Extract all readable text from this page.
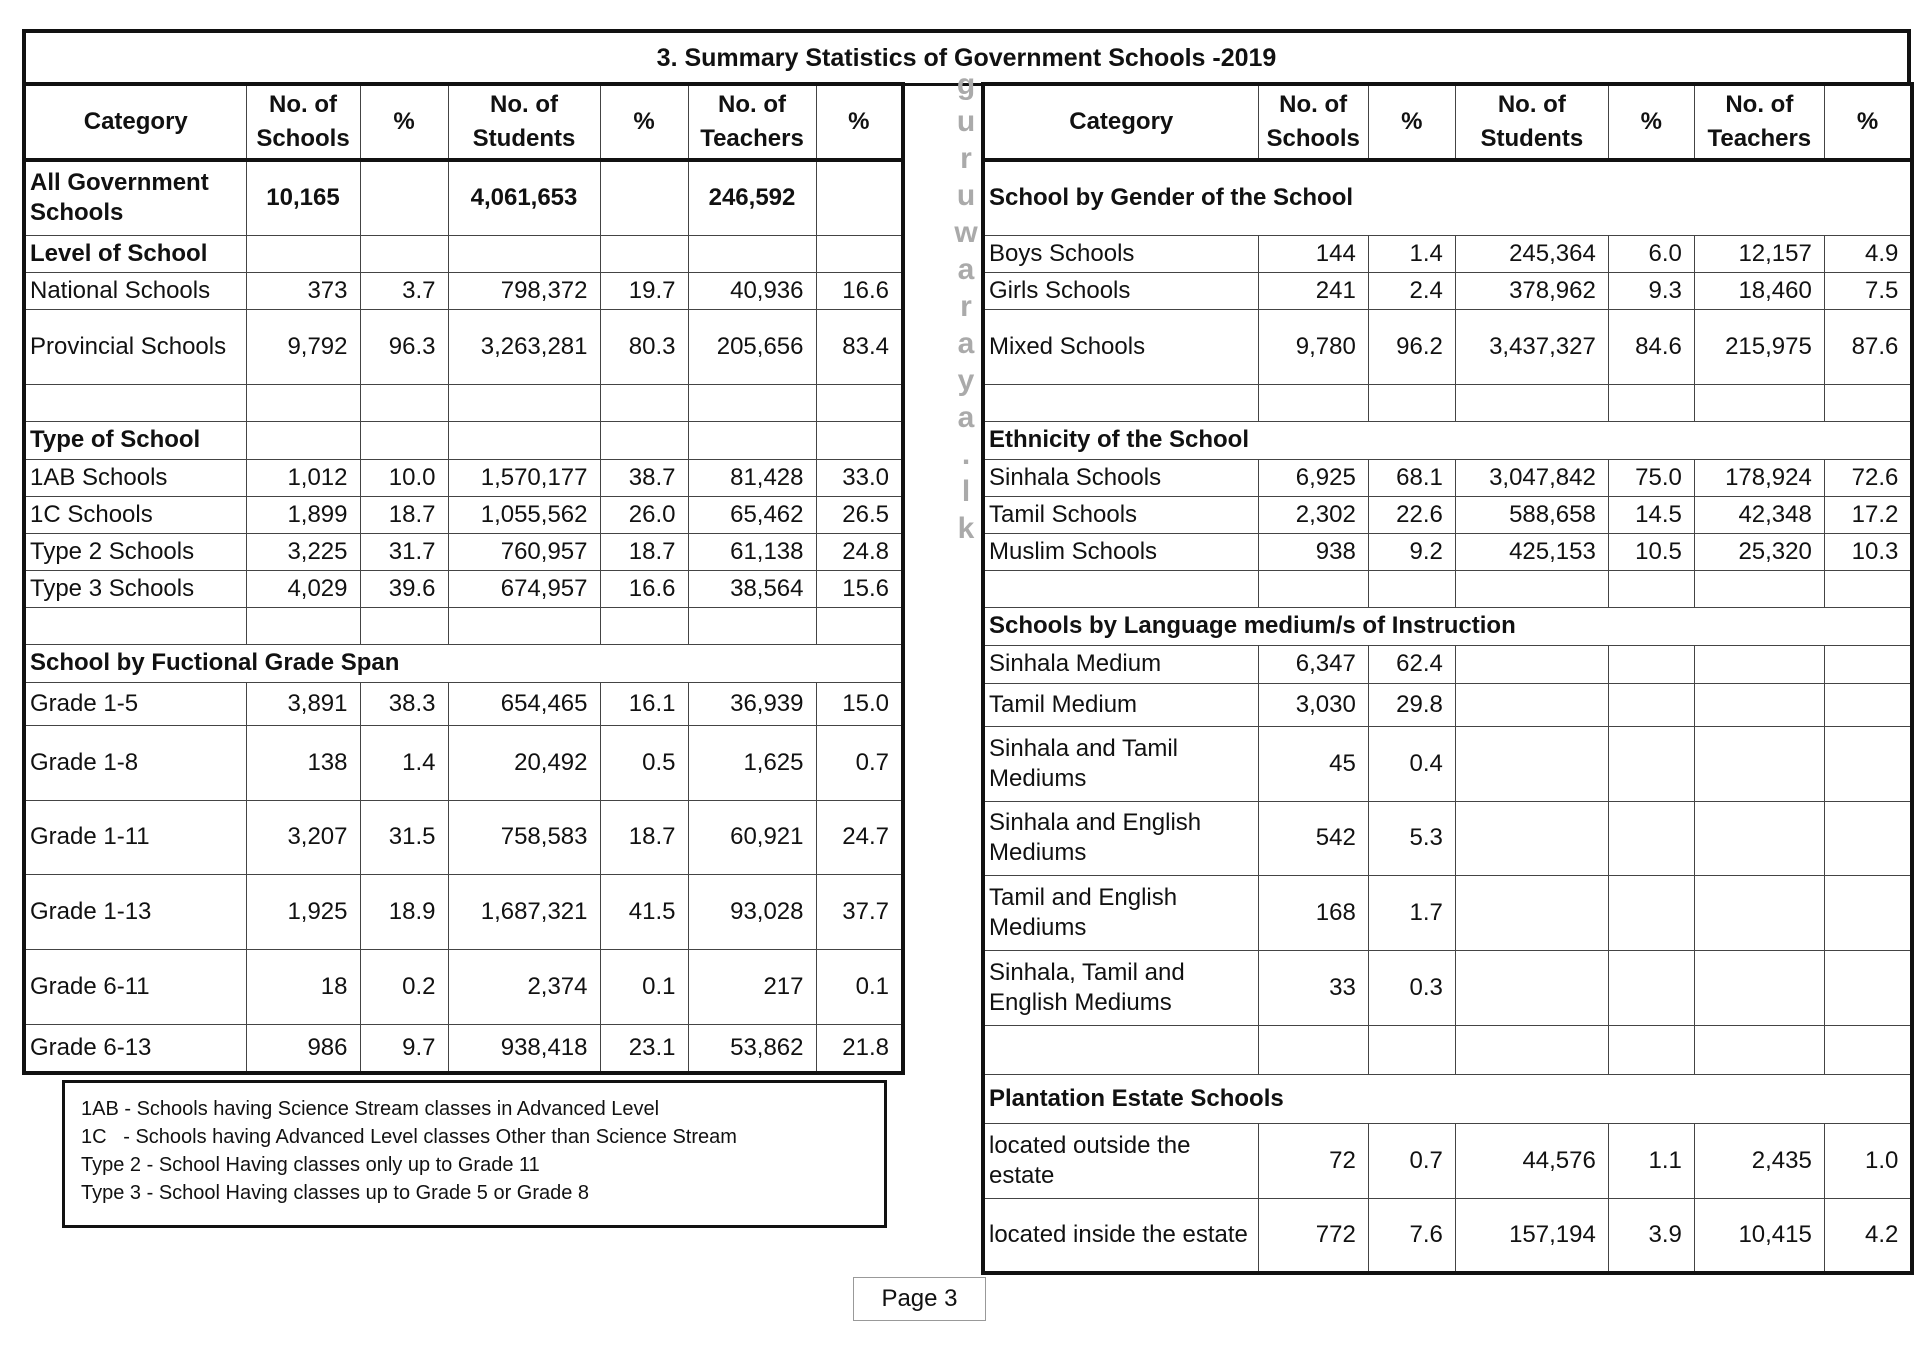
3. Summary Statistics of Government Schools -2019
Category	No. of Schools	%	No. of Students	%	No. of Teachers	%
All Government Schools	10,165		4,061,653		246,592	
Level of School						
National Schools	373	3.7	798,372	19.7	40,936	16.6
Provincial Schools	9,792	96.3	3,263,281	80.3	205,656	83.4

Type of School						
1AB Schools	1,012	10.0	1,570,177	38.7	81,428	33.0
1C Schools	1,899	18.7	1,055,562	26.0	65,462	26.5
Type 2 Schools	3,225	31.7	760,957	18.7	61,138	24.8
Type 3 Schools	4,029	39.6	674,957	16.6	38,564	15.6

School by Fuctional Grade Span						
Grade 1-5	3,891	38.3	654,465	16.1	36,939	15.0
Grade 1-8	138	1.4	20,492	0.5	1,625	0.7
Grade 1-11	3,207	31.5	758,583	18.7	60,921	24.7
Grade 1-13	1,925	18.9	1,687,321	41.5	93,028	37.7
Grade 6-11	18	0.2	2,374	0.1	217	0.1
Grade 6-13	986	9.7	938,418	23.1	53,862	21.8
g
u
r
u
w
a
r
a
y
a
.
l
k
Category	No. of Schools	%	No. of Students	%	No. of Teachers	%
School by Gender of the School						
Boys Schools	144	1.4	245,364	6.0	12,157	4.9
Girls Schools	241	2.4	378,962	9.3	18,460	7.5
Mixed Schools	9,780	96.2	3,437,327	84.6	215,975	87.6

Ethnicity of the School						
Sinhala Schools	6,925	68.1	3,047,842	75.0	178,924	72.6
Tamil Schools	2,302	22.6	588,658	14.5	42,348	17.2
Muslim Schools	938	9.2	425,153	10.5	25,320	10.3

Schools by Language medium/s of Instruction						
Sinhala Medium	6,347	62.4				
Tamil Medium	3,030	29.8				
Sinhala and Tamil Mediums	45	0.4				
Sinhala and English Mediums	542	5.3				
Tamil and English Mediums	168	1.7				
Sinhala, Tamil and English Mediums	33	0.3				

Plantation Estate Schools						
located outside the estate	72	0.7	44,576	1.1	2,435	1.0
located inside the estate	772	7.6	157,194	3.9	10,415	4.2
1AB - Schools having Science Stream classes in Advanced Level
1C   - Schools having Advanced Level classes Other than Science Stream
Type 2 - School Having classes only up to Grade 11
Type 3 - School Having classes up to Grade 5 or Grade 8
Page 3
